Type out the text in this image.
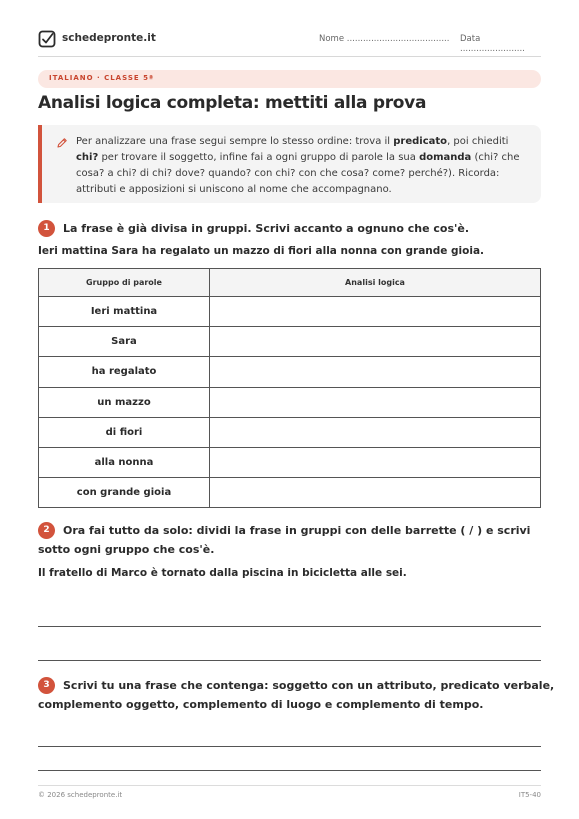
schedepronte.it	Nome ...................................... Data ........................
ITALIANO · CLASSE 5ª
Analisi logica completa: mettiti alla prova
Per analizzare una frase segui sempre lo stesso ordine: trova il predicato, poi chiediti chi? per trovare il soggetto, infine fai a ogni gruppo di parole la sua domanda (chi? che cosa? a chi? di chi? dove? quando? con chi? con che cosa? come? perché?). Ricorda: attributi e apposizioni si uniscono al nome che accompagnano.
1	La frase è già divisa in gruppi. Scrivi accanto a ognuno che cos'è.
Ieri mattina Sara ha regalato un mazzo di fiori alla nonna con grande gioia.
Gruppo di parole	Analisi logica
Ieri mattina	
Sara	
ha regalato	
un mazzo	
di fiori	
alla nonna	
con grande gioia	
2	Ora fai tutto da solo: dividi la frase in gruppi con delle barrette ( / ) e scrivi
sotto ogni gruppo che cos'è.
Il fratello di Marco è tornato dalla piscina in bicicletta alle sei.
3	Scrivi tu una frase che contenga: soggetto con un attributo, predicato verbale,
complemento oggetto, complemento di luogo e complemento di tempo.
© 2026 schedepronte.it	IT5-40
